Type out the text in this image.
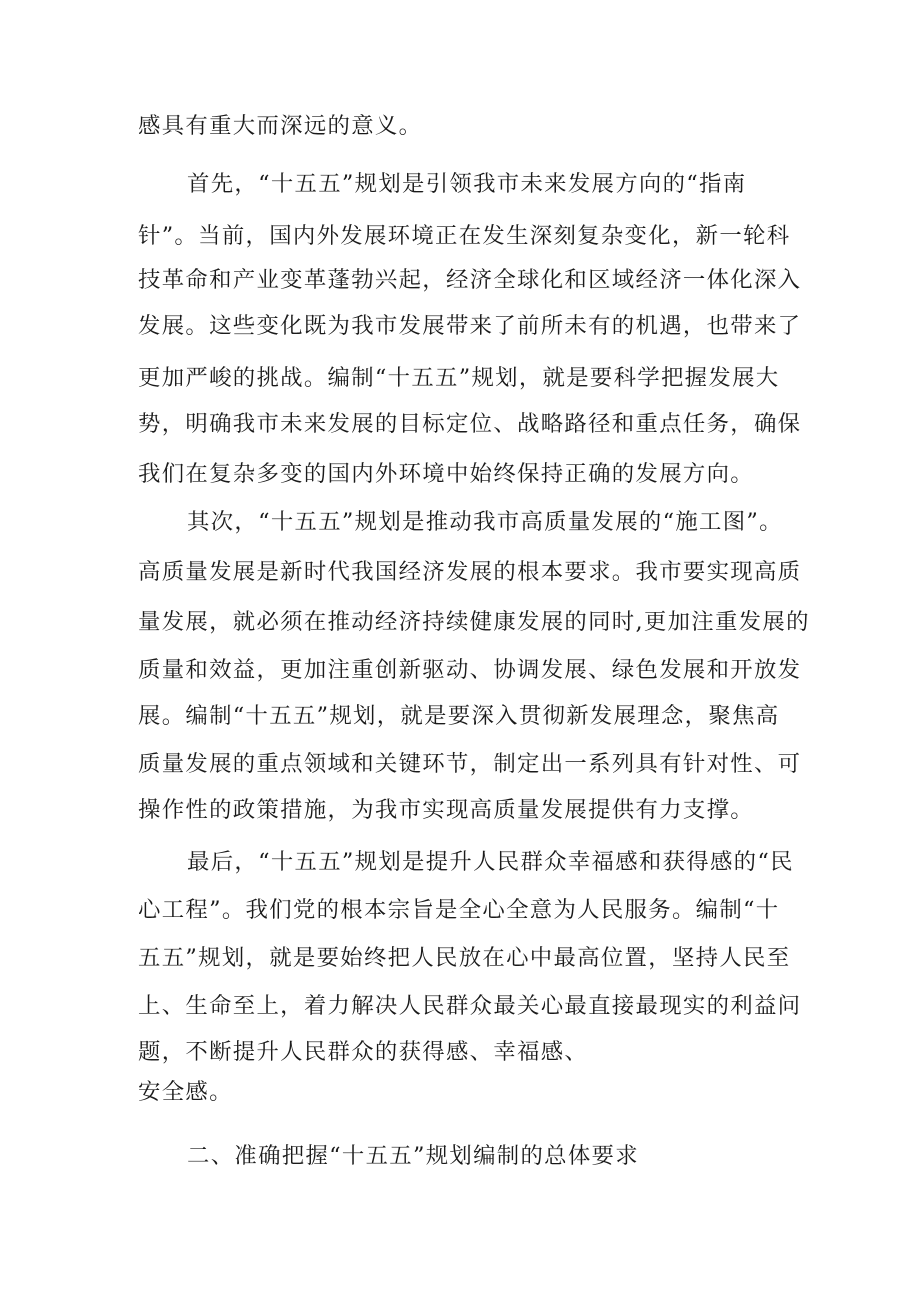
感具有重大而深远的意义。
首先，“十五五”规划是引领我市未来发展方向的“指南
针”。当前，国内外发展环境正在发生深刻复杂变化，新一轮科
技革命和产业变革蓬勃兴起，经济全球化和区域经济一体化深入
发展。这些变化既为我市发展带来了前所未有的机遇，也带来了
更加严峻的挑战。编制“十五五”规划，就是要科学把握发展大
势，明确我市未来发展的目标定位、战略路径和重点任务，确保
我们在复杂多变的国内外环境中始终保持正确的发展方向。
其次，“十五五”规划是推动我市高质量发展的“施工图”。
高质量发展是新时代我国经济发展的根本要求。我市要实现高质
量发展，就必须在推动经济持续健康发展的同时,更加注重发展的
质量和效益，更加注重创新驱动、协调发展、绿色发展和开放发
展。编制“十五五”规划，就是要深入贯彻新发展理念，聚焦高
质量发展的重点领域和关键环节，制定出一系列具有针对性、可
操作性的政策措施，为我市实现高质量发展提供有力支撑。
最后，“十五五”规划是提升人民群众幸福感和获得感的“民
心工程”。我们党的根本宗旨是全心全意为人民服务。编制“十
五五”规划，就是要始终把人民放在心中最高位置，坚持人民至
上、生命至上，着力解决人民群众最关心最直接最现实的利益问
题，不断提升人民群众的获得感、幸福感、
安全感。
二、准确把握“十五五”规划编制的总体要求
